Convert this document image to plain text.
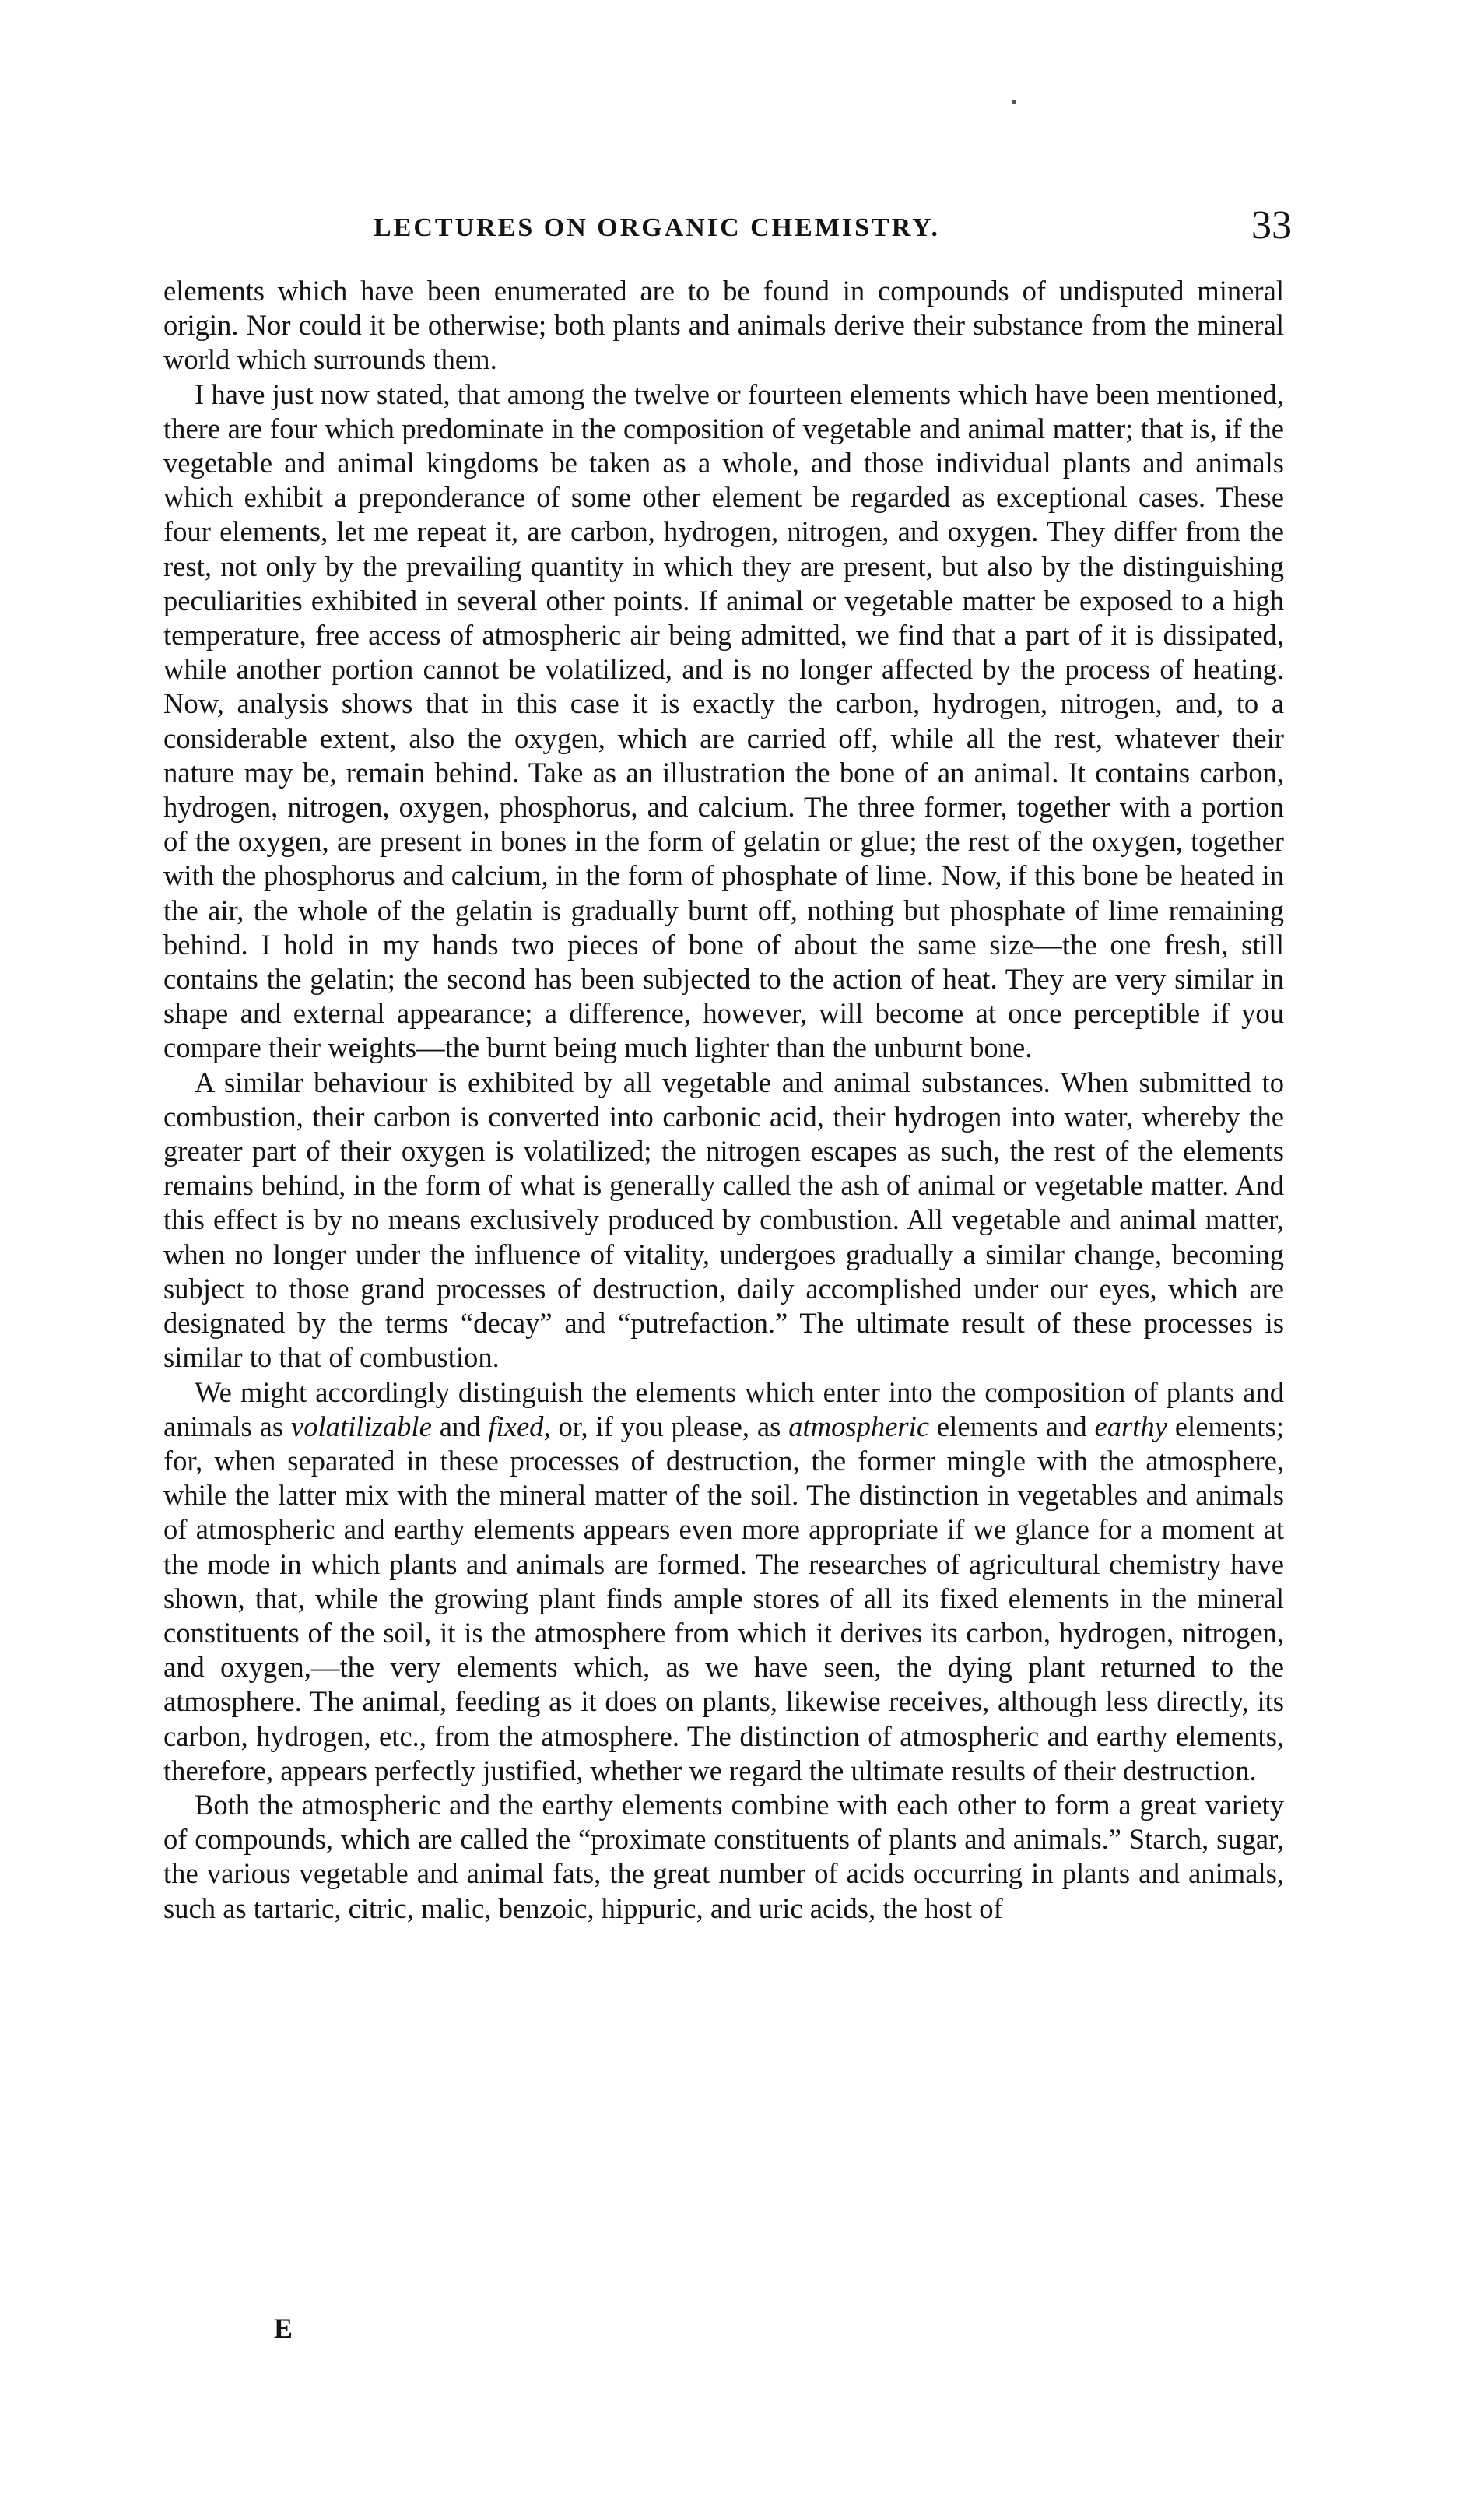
LECTURES ON ORGANIC CHEMISTRY.	33

elements which have been enumerated are to be found in compounds of undisputed mineral origin. Nor could it be otherwise; both plants and animals derive their substance from the mineral world which surrounds them.

I have just now stated, that among the twelve or fourteen elements which have been mentioned, there are four which predominate in the composition of vegetable and animal matter; that is, if the vegetable and animal kingdoms be taken as a whole, and those individual plants and animals which exhibit a preponderance of some other element be regarded as exceptional cases. These four elements, let me repeat it, are carbon, hydrogen, nitrogen, and oxygen. They differ from the rest, not only by the prevailing quantity in which they are present, but also by the distinguishing peculiarities exhibited in several other points. If animal or vegetable matter be exposed to a high temperature, free access of atmospheric air being admitted, we find that a part of it is dissipated, while another portion cannot be volatilized, and is no longer affected by the process of heating. Now, analysis shows that in this case it is exactly the carbon, hydrogen, nitrogen, and, to a considerable extent, also the oxygen, which are carried off, while all the rest, whatever their nature may be, remain behind. Take as an illustration the bone of an animal. It contains carbon, hydrogen, nitrogen, oxygen, phosphorus, and calcium. The three former, together with a portion of the oxygen, are present in bones in the form of gelatin or glue; the rest of the oxygen, together with the phosphorus and calcium, in the form of phosphate of lime. Now, if this bone be heated in the air, the whole of the gelatin is gradually burnt off, nothing but phosphate of lime remaining behind. I hold in my hands two pieces of bone of about the same size—the one fresh, still contains the gelatin; the second has been subjected to the action of heat. They are very similar in shape and external appearance; a difference, however, will become at once perceptible if you compare their weights—the burnt being much lighter than the unburnt bone.

A similar behaviour is exhibited by all vegetable and animal substances. When submitted to combustion, their carbon is converted into carbonic acid, their hydrogen into water, whereby the greater part of their oxygen is volatilized; the nitrogen escapes as such, the rest of the elements remains behind, in the form of what is generally called the ash of animal or vegetable matter. And this effect is by no means exclusively produced by combustion. All vegetable and animal matter, when no longer under the influence of vitality, undergoes gradually a similar change, becoming subject to those grand processes of destruction, daily accomplished under our eyes, which are designated by the terms “decay” and “putrefaction.” The ultimate result of these processes is similar to that of combustion.

We might accordingly distinguish the elements which enter into the composition of plants and animals as volatilizable and fixed, or, if you please, as atmospheric elements and earthy elements; for, when separated in these processes of destruction, the former mingle with the atmosphere, while the latter mix with the mineral matter of the soil. The distinction in vegetables and animals of atmospheric and earthy elements appears even more appropriate if we glance for a moment at the mode in which plants and animals are formed. The researches of agricultural chemistry have shown, that, while the growing plant finds ample stores of all its fixed elements in the mineral constituents of the soil, it is the atmosphere from which it derives its carbon, hydrogen, nitrogen, and oxygen,—the very elements which, as we have seen, the dying plant returned to the atmosphere. The animal, feeding as it does on plants, likewise receives, although less directly, its carbon, hydrogen, etc., from the atmosphere. The distinction of atmospheric and earthy elements, therefore, appears perfectly justified, whether we regard the ultimate results of their destruction.

Both the atmospheric and the earthy elements combine with each other to form a great variety of compounds, which are called the “proximate constituents of plants and animals.” Starch, sugar, the various vegetable and animal fats, the great number of acids occurring in plants and animals, such as tartaric, citric, malic, benzoic, hippuric, and uric acids, the host of

E
